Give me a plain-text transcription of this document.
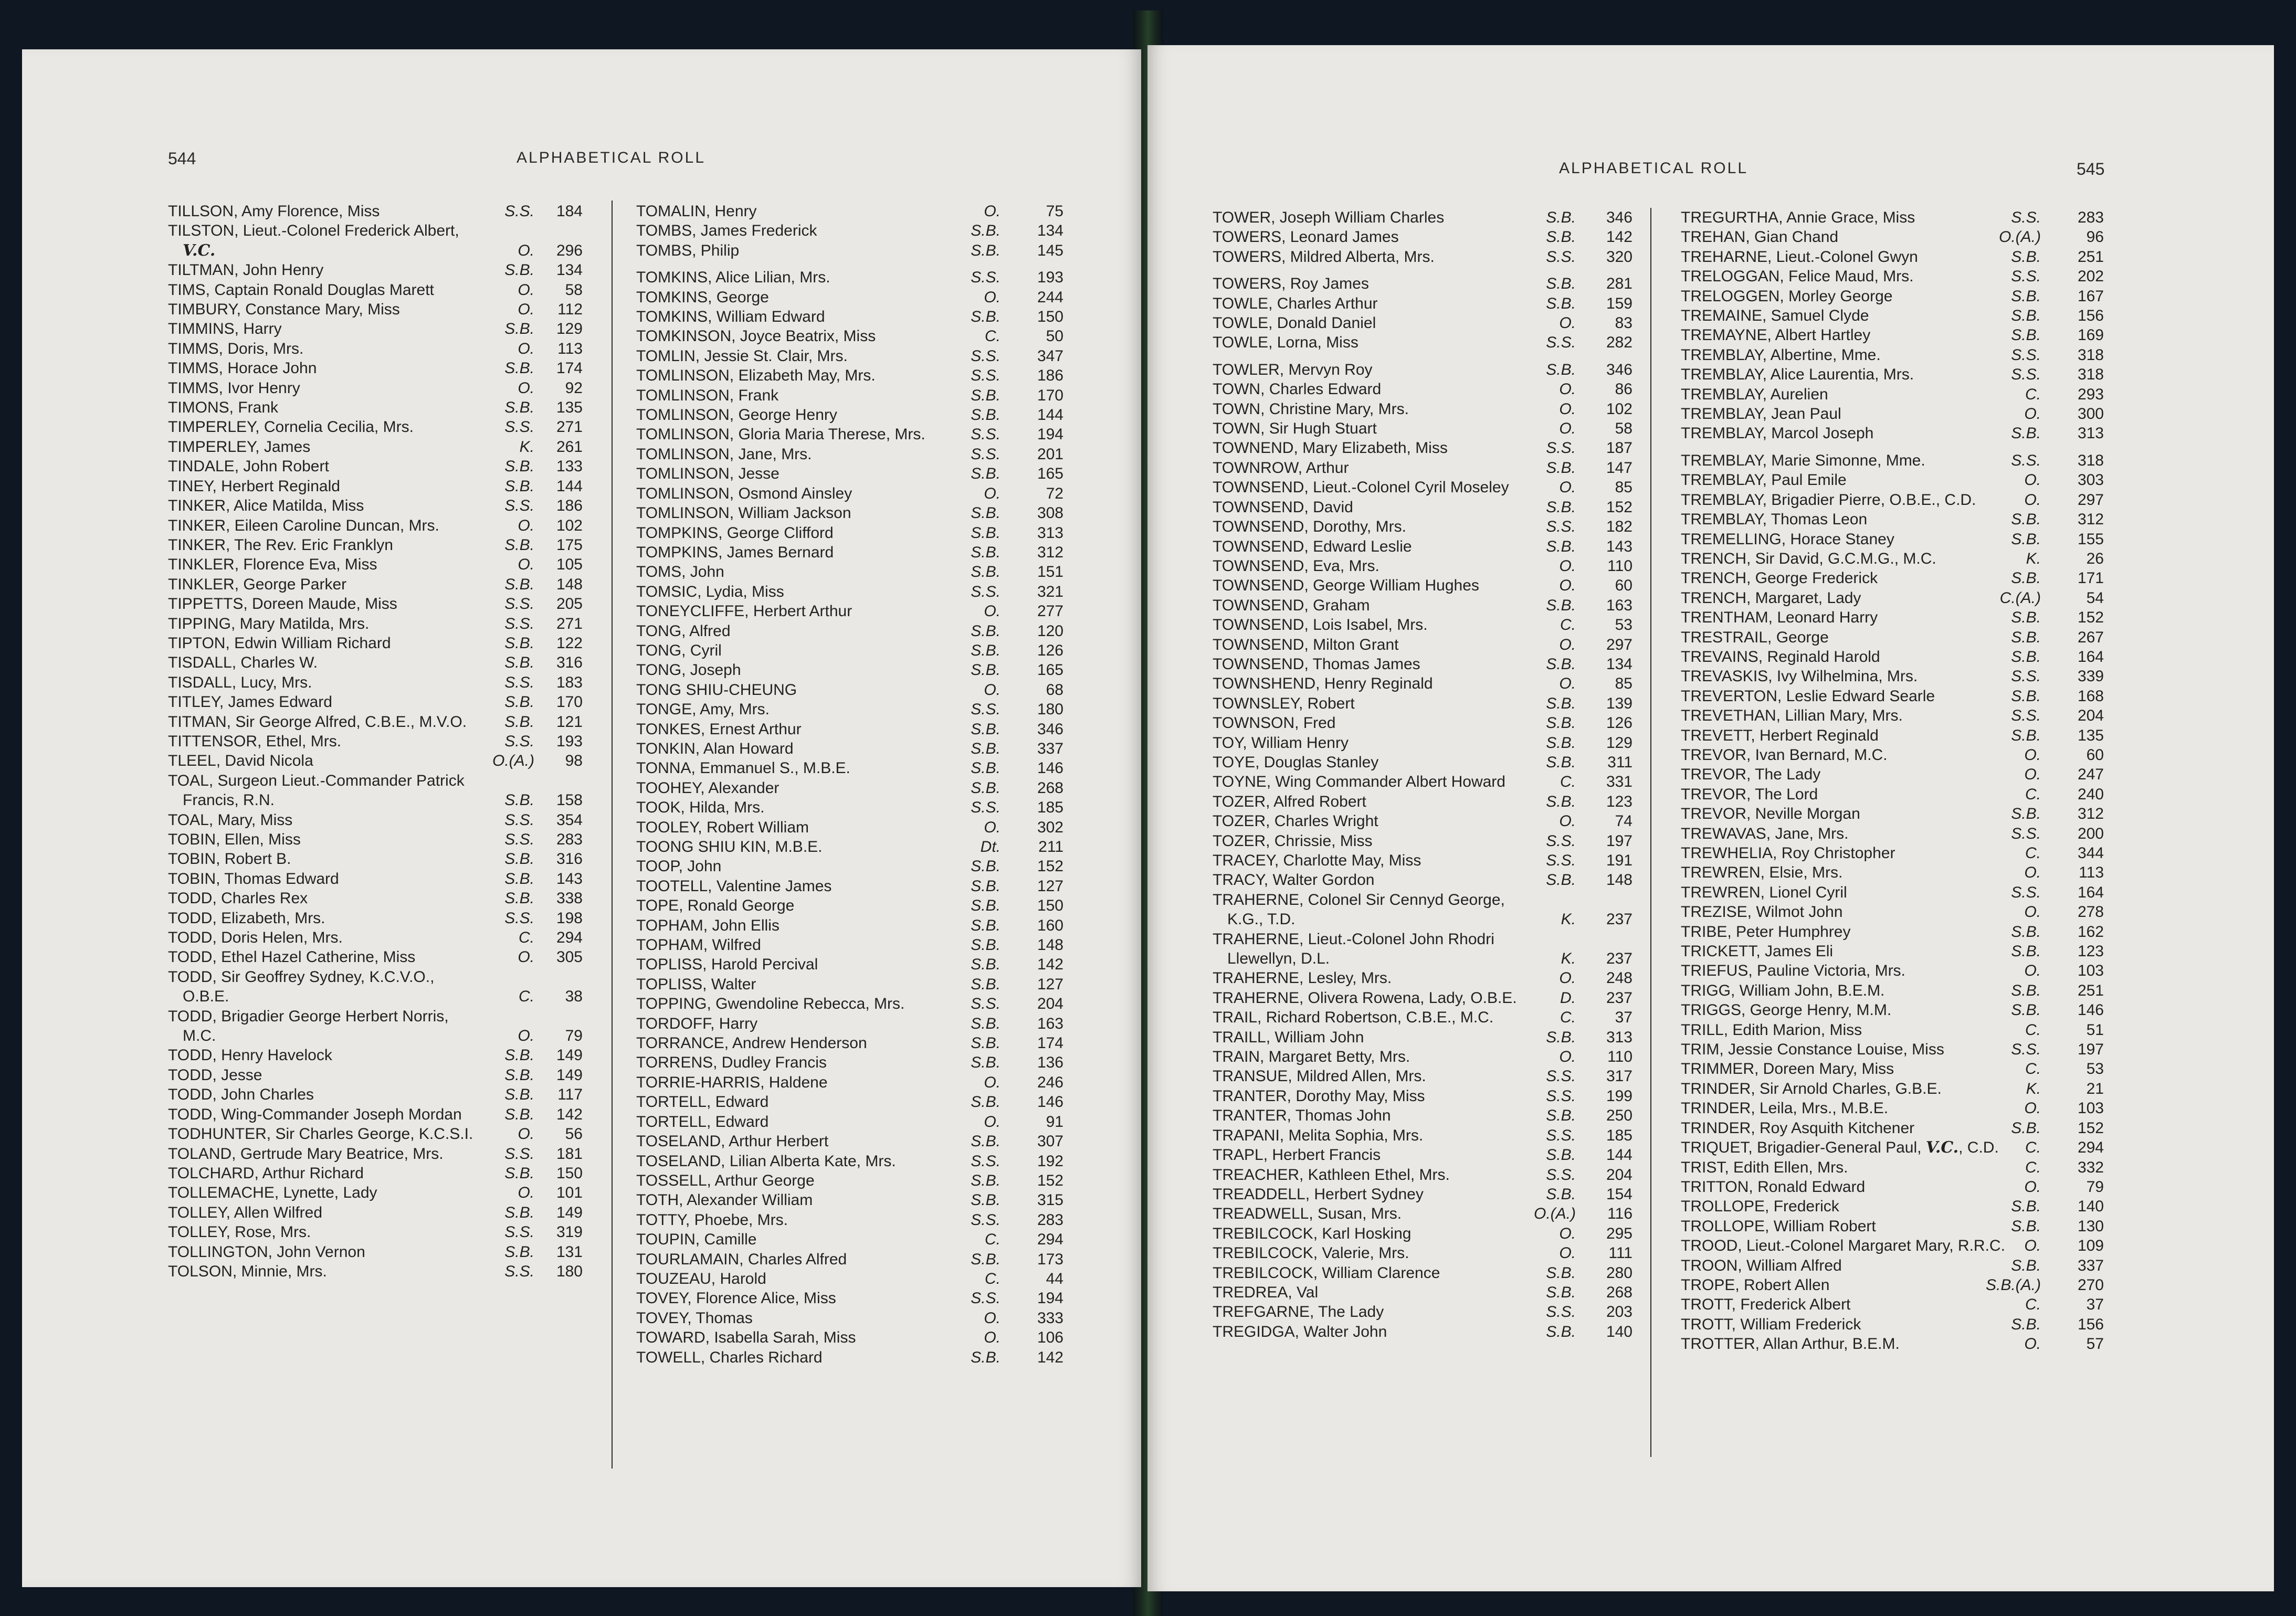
544	ALPHABETICAL ROLL
TILLSON, Amy Florence, Miss	S.S.	184
TILSTON, Lieut.-Colonel Frederick Albert, V.C.	O.	296
TILTMAN, John Henry	S.B.	134
TIMS, Captain Ronald Douglas Marett	O.	58
TIMBURY, Constance Mary, Miss	O.	112
TIMMINS, Harry	S.B.	129
TIMMS, Doris, Mrs.	O.	113
TIMMS, Horace John	S.B.	174
TIMMS, Ivor Henry	O.	92
TIMONS, Frank	S.B.	135
TIMPERLEY, Cornelia Cecilia, Mrs.	S.S.	271
TIMPERLEY, James	K.	261
TINDALE, John Robert	S.B.	133
TINEY, Herbert Reginald	S.B.	144
TINKER, Alice Matilda, Miss	S.S.	186
TINKER, Eileen Caroline Duncan, Mrs.	O.	102
TINKER, The Rev. Eric Franklyn	S.B.	175
TINKLER, Florence Eva, Miss	O.	105
TINKLER, George Parker	S.B.	148
TIPPETTS, Doreen Maude, Miss	S.S.	205
TIPPING, Mary Matilda, Mrs.	S.S.	271
TIPTON, Edwin William Richard	S.B.	122
TISDALL, Charles W.	S.B.	316
TISDALL, Lucy, Mrs.	S.S.	183
TITLEY, James Edward	S.B.	170
TITMAN, Sir George Alfred, C.B.E., M.V.O.	S.B.	121
TITTENSOR, Ethel, Mrs.	S.S.	193
TLEEL, David Nicola	O.(A.)	98
TOAL, Surgeon Lieut.-Commander Patrick Francis, R.N.	S.B.	158
TOAL, Mary, Miss	S.S.	354
TOBIN, Ellen, Miss	S.S.	283
TOBIN, Robert B.	S.B.	316
TOBIN, Thomas Edward	S.B.	143
TODD, Charles Rex	S.B.	338
TODD, Elizabeth, Mrs.	S.S.	198
TODD, Doris Helen, Mrs.	C.	294
TODD, Ethel Hazel Catherine, Miss	O.	305
TODD, Sir Geoffrey Sydney, K.C.V.O., O.B.E.	C.	38
TODD, Brigadier George Herbert Norris, M.C.	O.	79
TODD, Henry Havelock	S.B.	149
TODD, Jesse	S.B.	149
TODD, John Charles	S.B.	117
TODD, Wing-Commander Joseph Mordan	S.B.	142
TODHUNTER, Sir Charles George, K.C.S.I.	O.	56
TOLAND, Gertrude Mary Beatrice, Mrs.	S.S.	181
TOLCHARD, Arthur Richard	S.B.	150
TOLLEMACHE, Lynette, Lady	O.	101
TOLLEY, Allen Wilfred	S.B.	149
TOLLEY, Rose, Mrs.	S.S.	319
TOLLINGTON, John Vernon	S.B.	131
TOLSON, Minnie, Mrs.	S.S.	180
TOMALIN, Henry	O.	75
TOMBS, James Frederick	S.B.	134
TOMBS, Philip	S.B.	145
TOMKINS, Alice Lilian, Mrs.	S.S.	193
TOMKINS, George	O.	244
TOMKINS, William Edward	S.B.	150
TOMKINSON, Joyce Beatrix, Miss	C.	50
TOMLIN, Jessie St. Clair, Mrs.	S.S.	347
TOMLINSON, Elizabeth May, Mrs.	S.S.	186
TOMLINSON, Frank	S.B.	170
TOMLINSON, George Henry	S.B.	144
TOMLINSON, Gloria Maria Therese, Mrs.	S.S.	194
TOMLINSON, Jane, Mrs.	S.S.	201
TOMLINSON, Jesse	S.B.	165
TOMLINSON, Osmond Ainsley	O.	72
TOMLINSON, William Jackson	S.B.	308
TOMPKINS, George Clifford	S.B.	313
TOMPKINS, James Bernard	S.B.	312
TOMS, John	S.B.	151
TOMSIC, Lydia, Miss	S.S.	321
TONEYCLIFFE, Herbert Arthur	O.	277
TONG, Alfred	S.B.	120
TONG, Cyril	S.B.	126
TONG, Joseph	S.B.	165
TONG SHIU-CHEUNG	O.	68
TONGE, Amy, Mrs.	S.S.	180
TONKES, Ernest Arthur	S.B.	346
TONKIN, Alan Howard	S.B.	337
TONNA, Emmanuel S., M.B.E.	S.B.	146
TOOHEY, Alexander	S.B.	268
TOOK, Hilda, Mrs.	S.S.	185
TOOLEY, Robert William	O.	302
TOONG SHIU KIN, M.B.E.	Dt.	211
TOOP, John	S.B.	152
TOOTELL, Valentine James	S.B.	127
TOPE, Ronald George	S.B.	150
TOPHAM, John Ellis	S.B.	160
TOPHAM, Wilfred	S.B.	148
TOPLISS, Harold Percival	S.B.	142
TOPLISS, Walter	S.B.	127
TOPPING, Gwendoline Rebecca, Mrs.	S.S.	204
TORDOFF, Harry	S.B.	163
TORRANCE, Andrew Henderson	S.B.	174
TORRENS, Dudley Francis	S.B.	136
TORRIE-HARRIS, Haldene	O.	246
TORTELL, Edward	S.B.	146
TORTELL, Edward	O.	91
TOSELAND, Arthur Herbert	S.B.	307
TOSELAND, Lilian Alberta Kate, Mrs.	S.S.	192
TOSSELL, Arthur George	S.B.	152
TOTH, Alexander William	S.B.	315
TOTTY, Phoebe, Mrs.	S.S.	283
TOUPIN, Camille	C.	294
TOURLAMAIN, Charles Alfred	S.B.	173
TOUZEAU, Harold	C.	44
TOVEY, Florence Alice, Miss	S.S.	194
TOVEY, Thomas	O.	333
TOWARD, Isabella Sarah, Miss	O.	106
TOWELL, Charles Richard	S.B.	142
ALPHABETICAL ROLL	545
TOWER, Joseph William Charles	S.B.	346
TOWERS, Leonard James	S.B.	142
TOWERS, Mildred Alberta, Mrs.	S.S.	320
TOWERS, Roy James	S.B.	281
TOWLE, Charles Arthur	S.B.	159
TOWLE, Donald Daniel	O.	83
TOWLE, Lorna, Miss	S.S.	282
TOWLER, Mervyn Roy	S.B.	346
TOWN, Charles Edward	O.	86
TOWN, Christine Mary, Mrs.	O.	102
TOWN, Sir Hugh Stuart	O.	58
TOWNEND, Mary Elizabeth, Miss	S.S.	187
TOWNROW, Arthur	S.B.	147
TOWNSEND, Lieut.-Colonel Cyril Moseley	O.	85
TOWNSEND, David	S.B.	152
TOWNSEND, Dorothy, Mrs.	S.S.	182
TOWNSEND, Edward Leslie	S.B.	143
TOWNSEND, Eva, Mrs.	O.	110
TOWNSEND, George William Hughes	O.	60
TOWNSEND, Graham	S.B.	163
TOWNSEND, Lois Isabel, Mrs.	C.	53
TOWNSEND, Milton Grant	O.	297
TOWNSEND, Thomas James	S.B.	134
TOWNSHEND, Henry Reginald	O.	85
TOWNSLEY, Robert	S.B.	139
TOWNSON, Fred	S.B.	126
TOY, William Henry	S.B.	129
TOYE, Douglas Stanley	S.B.	311
TOYNE, Wing Commander Albert Howard	C.	331
TOZER, Alfred Robert	S.B.	123
TOZER, Charles Wright	O.	74
TOZER, Chrissie, Miss	S.S.	197
TRACEY, Charlotte May, Miss	S.S.	191
TRACY, Walter Gordon	S.B.	148
TRAHERNE, Colonel Sir Cennyd George, K.G., T.D.	K.	237
TRAHERNE, Lieut.-Colonel John Rhodri Llewellyn, D.L.	K.	237
TRAHERNE, Lesley, Mrs.	O.	248
TRAHERNE, Olivera Rowena, Lady, O.B.E.	D.	237
TRAIL, Richard Robertson, C.B.E., M.C.	C.	37
TRAILL, William John	S.B.	313
TRAIN, Margaret Betty, Mrs.	O.	110
TRANSUE, Mildred Allen, Mrs.	S.S.	317
TRANTER, Dorothy May, Miss	S.S.	199
TRANTER, Thomas John	S.B.	250
TRAPANI, Melita Sophia, Mrs.	S.S.	185
TRAPL, Herbert Francis	S.B.	144
TREACHER, Kathleen Ethel, Mrs.	S.S.	204
TREADDELL, Herbert Sydney	S.B.	154
TREADWELL, Susan, Mrs.	O.(A.)	116
TREBILCOCK, Karl Hosking	O.	295
TREBILCOCK, Valerie, Mrs.	O.	111
TREBILCOCK, William Clarence	S.B.	280
TREDREA, Val	S.B.	268
TREFGARNE, The Lady	S.S.	203
TREGIDGA, Walter John	S.B.	140
TREGURTHA, Annie Grace, Miss	S.S.	283
TREHAN, Gian Chand	O.(A.)	96
TREHARNE, Lieut.-Colonel Gwyn	S.B.	251
TRELOGGAN, Felice Maud, Mrs.	S.S.	202
TRELOGGEN, Morley George	S.B.	167
TREMAINE, Samuel Clyde	S.B.	156
TREMAYNE, Albert Hartley	S.B.	169
TREMBLAY, Albertine, Mme.	S.S.	318
TREMBLAY, Alice Laurentia, Mrs.	S.S.	318
TREMBLAY, Aurelien	C.	293
TREMBLAY, Jean Paul	O.	300
TREMBLAY, Marcol Joseph	S.B.	313
TREMBLAY, Marie Simonne, Mme.	S.S.	318
TREMBLAY, Paul Emile	O.	303
TREMBLAY, Brigadier Pierre, O.B.E., C.D.	O.	297
TREMBLAY, Thomas Leon	S.B.	312
TREMELLING, Horace Staney	S.B.	155
TRENCH, Sir David, G.C.M.G., M.C.	K.	26
TRENCH, George Frederick	S.B.	171
TRENCH, Margaret, Lady	C.(A.)	54
TRENTHAM, Leonard Harry	S.B.	152
TRESTRAIL, George	S.B.	267
TREVAINS, Reginald Harold	S.B.	164
TREVASKIS, Ivy Wilhelmina, Mrs.	S.S.	339
TREVERTON, Leslie Edward Searle	S.B.	168
TREVETHAN, Lillian Mary, Mrs.	S.S.	204
TREVETT, Herbert Reginald	S.B.	135
TREVOR, Ivan Bernard, M.C.	O.	60
TREVOR, The Lady	O.	247
TREVOR, The Lord	C.	240
TREVOR, Neville Morgan	S.B.	312
TREWAVAS, Jane, Mrs.	S.S.	200
TREWHELIA, Roy Christopher	C.	344
TREWREN, Elsie, Mrs.	O.	113
TREWREN, Lionel Cyril	S.S.	164
TREZISE, Wilmot John	O.	278
TRIBE, Peter Humphrey	S.B.	162
TRICKETT, James Eli	S.B.	123
TRIEFUS, Pauline Victoria, Mrs.	O.	103
TRIGG, William John, B.E.M.	S.B.	251
TRIGGS, George Henry, M.M.	S.B.	146
TRILL, Edith Marion, Miss	C.	51
TRIM, Jessie Constance Louise, Miss	S.S.	197
TRIMMER, Doreen Mary, Miss	C.	53
TRINDER, Sir Arnold Charles, G.B.E.	K.	21
TRINDER, Leila, Mrs., M.B.E.	O.	103
TRINDER, Roy Asquith Kitchener	S.B.	152
TRIQUET, Brigadier-General Paul, V.C., C.D.	C.	294
TRIST, Edith Ellen, Mrs.	C.	332
TRITTON, Ronald Edward	O.	79
TROLLOPE, Frederick	S.B.	140
TROLLOPE, William Robert	S.B.	130
TROOD, Lieut.-Colonel Margaret Mary, R.R.C.	O.	109
TROON, William Alfred	S.B.	337
TROPE, Robert Allen	S.B.(A.)	270
TROTT, Frederick Albert	C.	37
TROTT, William Frederick	S.B.	156
TROTTER, Allan Arthur, B.E.M.	O.	57
